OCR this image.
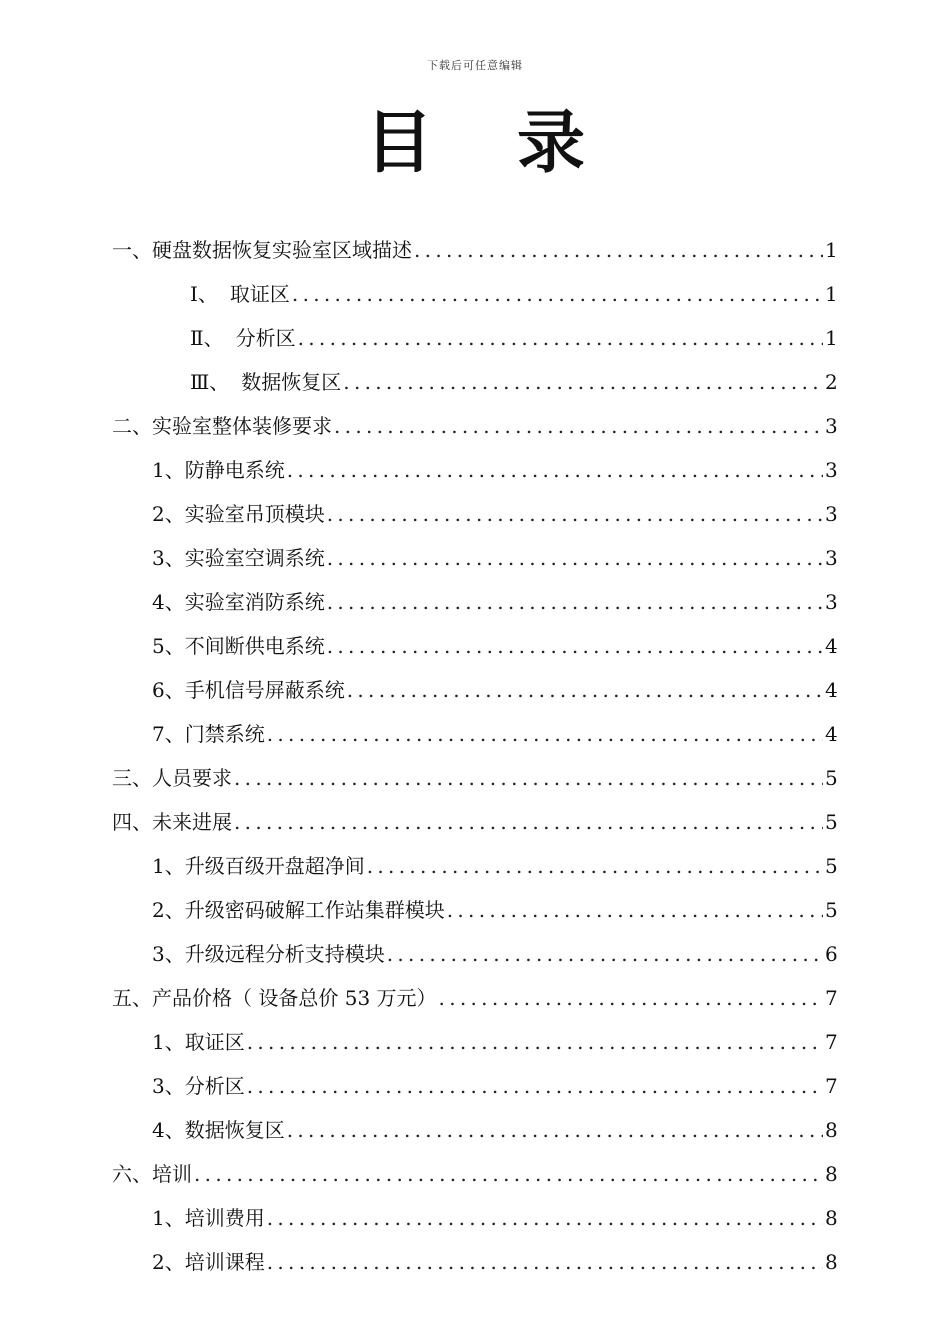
下载后可任意编辑
目录
一、 硬盘数据恢复实验室区域描述 .....	1
Ⅰ、 取证区 .....	1
Ⅱ、 分析区 .....	1
Ⅲ、 数据恢复区 .....	2
二、 实验室整体装修要求 .....	3
1、 防静电系统 .....	3
2、 实验室吊顶模块 .....	3
3、 实验室空调系统 .....	3
4、 实验室消防系统 .....	3
5、 不间断供电系统 .....	4
6、 手机信号屏蔽系统 .....	4
7、 门禁系统 .....	4
三、 人员要求 .....	5
四、 未来进展 .....	5
1、 升级百级开盘超净间 .....	5
2、 升级密码破解工作站集群模块 .....	5
3、 升级远程分析支持模块 .....	6
五、 产品价格（ 设备总价 53 万元） .....	7
1、 取证区 .....	7
3、 分析区 .....	7
4、 数据恢复区 .....	8
六、 培训 .....	8
1、 培训费用 .....	8
2、 培训课程 .....	8
